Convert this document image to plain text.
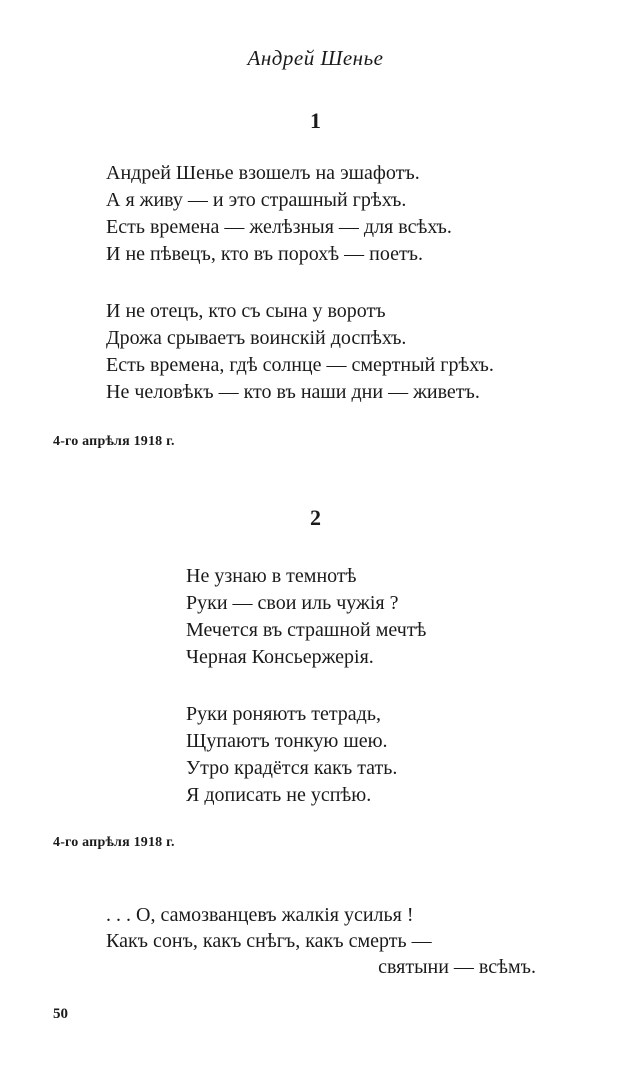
Андрей Шенье
1
Андрей Шенье взошелъ на эшафотъ.
А я живу — и это страшный грѣхъ.
Есть времена — желѣзныя — для всѣхъ.
И не пѣвецъ, кто въ порохѣ — поетъ.
И не отецъ, кто съ сына у воротъ
Дрожа срываетъ воинскій доспѣхъ.
Есть времена, гдѣ солнце — смертный грѣхъ.
Не человѣкъ — кто въ наши дни — живетъ.
4-го апрѣля 1918 г.
2
Не узнаю в темнотѣ
Руки — свои иль чужія ?
Мечется въ страшной мечтѣ
Черная Консьержерія.
Руки роняютъ тетрадь,
Щупаютъ тонкую шею.
Утро крадётся какъ тать.
Я дописать не успѣю.
4-го апрѣля 1918 г.
. . . О, самозванцевъ жалкія усилья !
Какъ сонъ, какъ снѣгъ, какъ смерть —
святыни — всѣмъ.
50
